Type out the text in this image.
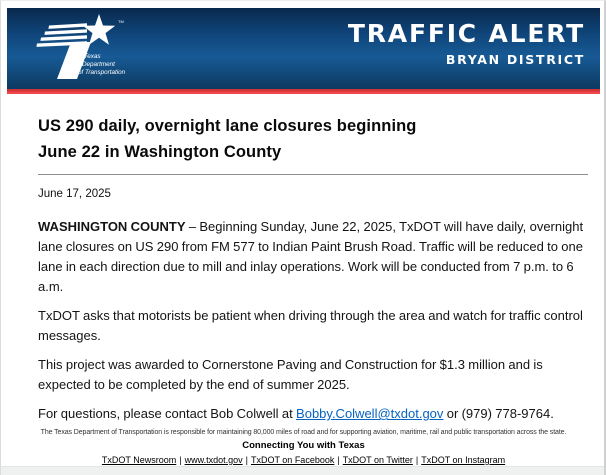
TM
Texas
Department
of Transportation
TRAFFIC ALERT
BRYAN DISTRICT
US 290 daily, overnight lane closures beginning
June 22 in Washington County
June 17, 2025

WASHINGTON COUNTY – Beginning Sunday, June 22, 2025, TxDOT will have daily, overnight lane closures on US 290 from FM 577 to Indian Paint Brush Road. Traffic will be reduced to one lane in each direction due to mill and inlay operations. Work will be conducted from 7 p.m. to 6 a.m.

TxDOT asks that motorists be patient when driving through the area and watch for traffic control messages.

This project was awarded to Cornerstone Paving and Construction for $1.3 million and is expected to be completed by the end of summer 2025.

For questions, please contact Bob Colwell at Bobby.Colwell@txdot.gov or (979) 778-9764.

The Texas Department of Transportation is responsible for maintaining 80,000 miles of road and for supporting aviation, maritime, rail and public transportation across the state.
Connecting You with Texas
TxDOT Newsroom | www.txdot.gov | TxDOT on Facebook | TxDOT on Twitter | TxDOT on Instagram
